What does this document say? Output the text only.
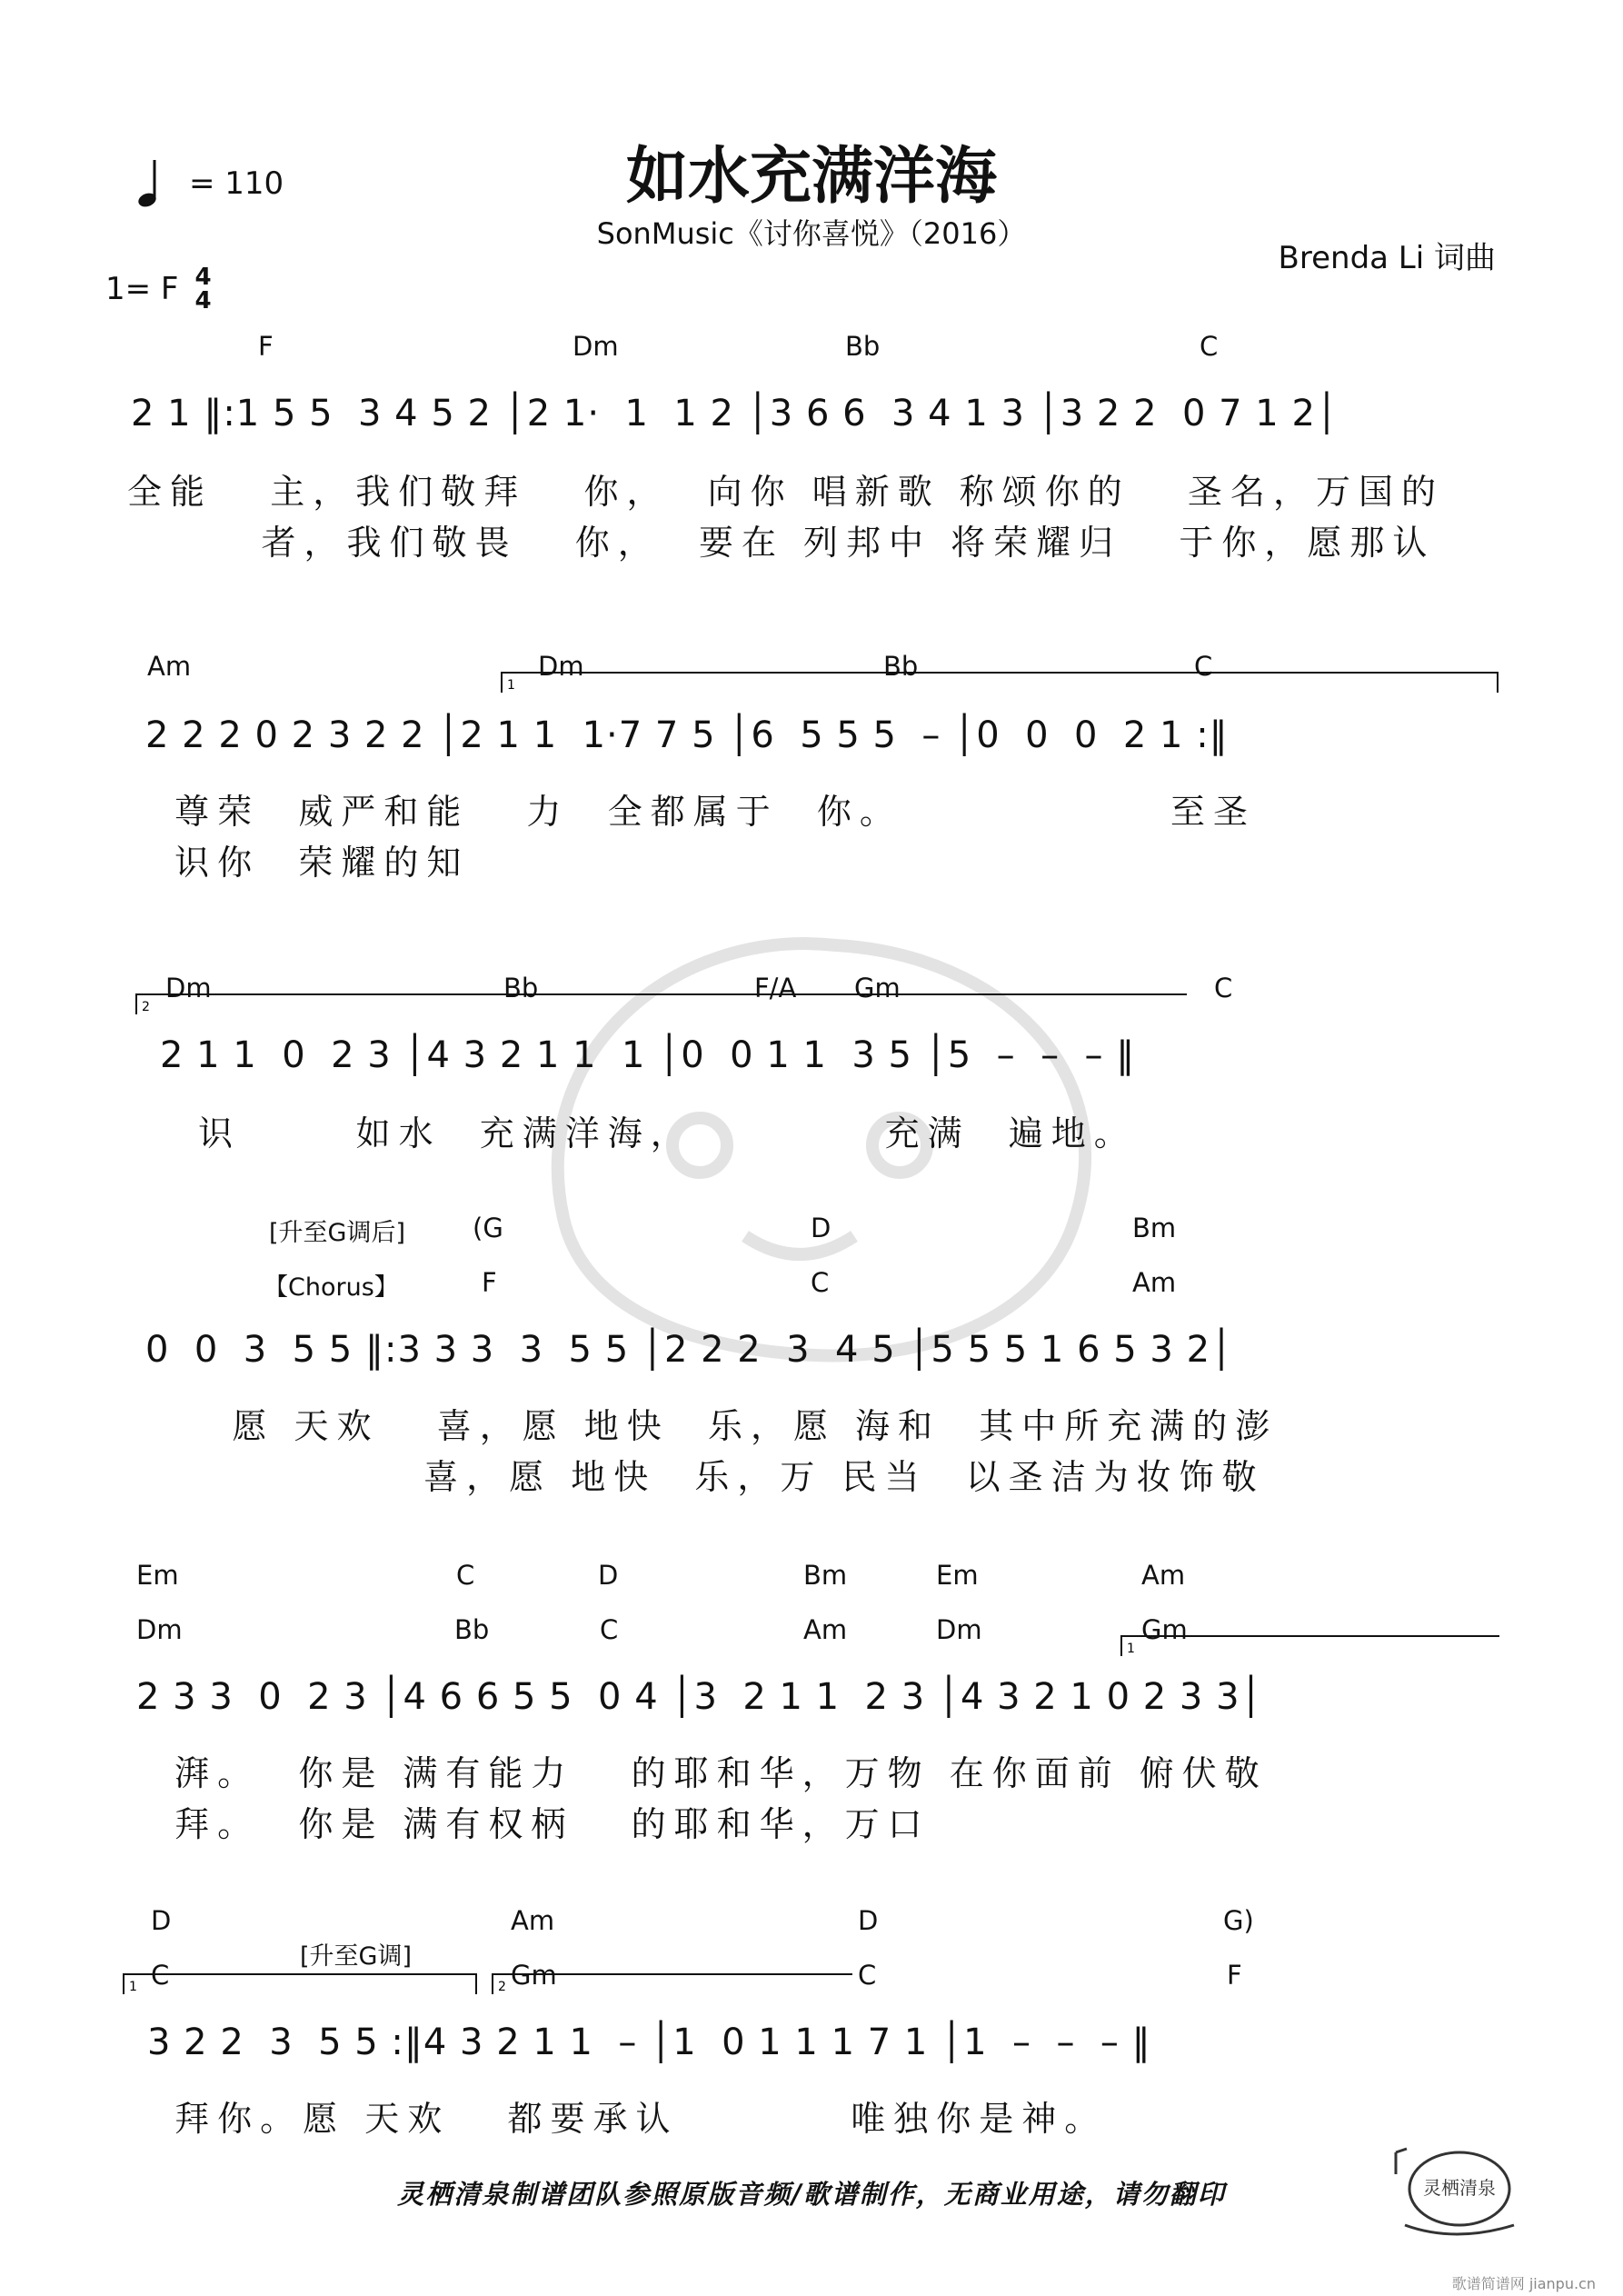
如水充满洋海
SonMusic《讨你喜悦》（2016）
= 110
1= F 4
4
Brenda Li 词曲
F	Dm	Bb	C
2 1 ‖:1 5 5  3 4 5 2 │2 1·  1  1 2 │3 6 6  3 4 1 3 │3 2 2  0 7 1 2│
全能   主，我们敬拜   你，  向你 唱新歌 称颂你的   圣名，万国的
者，我们敬畏   你，  要在 列邦中 将荣耀归   于你，愿那认
Am	Dm	Bb	C
1
2 2 2 0 2 3 2 2 │2 1 1  1·7 7 5 │6  5 5 5  – │0  0  0  2 1 :‖
尊荣  威严和能   力  全都属于  你。              至圣
识你  荣耀的知
Dm	Bb	F/A Gm	C
2
2 1 1  0  2 3 │4 3 2 1 1  1 │0  0 1 1  3 5 │5  –  –  – ‖
识      如水  充满洋海，          充满  遍地。
[升至G调后]
【Chorus】
(G	D	Bm
F	C	Am
0  0  3  5 5 ‖:3 3 3  3  5 5 │2 2 2  3  4 5 │5 5 5 1 6 5 3 2│
愿 天欢   喜，愿 地快  乐，愿 海和  其中所充满的澎
喜，愿 地快  乐，万 民当  以圣洁为妆饰敬
Em	C	D	Bm	Em	Am
Dm	Bb	C	Am	Dm	Gm
1
2 3 3  0  2 3 │4 6 6 5 5  0 4 │3  2 1 1  2 3 │4 3 2 1 0 2 3 3│
湃。  你是 满有能力   的耶和华，万物 在你面前 俯伏敬
拜。  你是 满有权柄   的耶和华，万口
[升至G调]
D	Am	D	G)
C	Gm	C	F
1	2
3 2 2  3  5 5 :‖4 3 2 1 1  – │1  0 1 1 1 7 1 │1  –  –  – ‖
拜你。愿 天欢   都要承认         唯独你是神。
灵栖清泉制谱团队参照原版音频/歌谱制作，无商业用途，请勿翻印	灵栖清泉
歌谱简谱网 jianpu.cn
